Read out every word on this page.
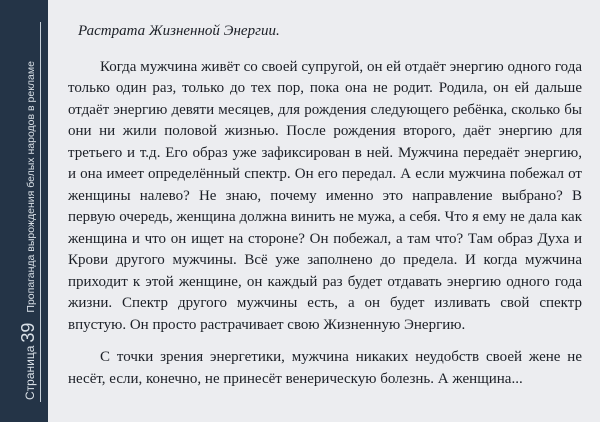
Страница
39
Пропаганда вырождения белых народов в рекламе
Растрата Жизненной Энергии.

Когда мужчина живёт со своей супругой, он ей отдаёт энергию одного года только один раз, только до тех пор, пока она не родит. Родила, он ей дальше отдаёт энергию девяти месяцев, для рождения следующего ребёнка, сколько бы они ни жили половой жизнью. После рождения второго, даёт энергию для третьего и т.д. Его образ уже зафиксирован в ней. Мужчина передаёт энергию, и она имеет определённый спектр. Он его передал. А если мужчина побежал от женщины налево? Не знаю, почему именно это направление выбрано? В первую очередь, женщина должна винить не мужа, а себя. Что я ему не дала как женщина и что он ищет на стороне? Он побежал, а там что? Там образ Духа и Крови другого мужчины. Всё уже заполнено до предела. И когда мужчина приходит к этой женщине, он каждый раз будет отдавать энергию одного года жизни. Спектр другого мужчины есть, а он будет изливать свой спектр впустую. Он просто растрачивает свою Жизненную Энергию.

С точки зрения энергетики, мужчина никаких неудобств своей жене не несёт, если, конечно, не принесёт венерическую болезнь. А женщина...
